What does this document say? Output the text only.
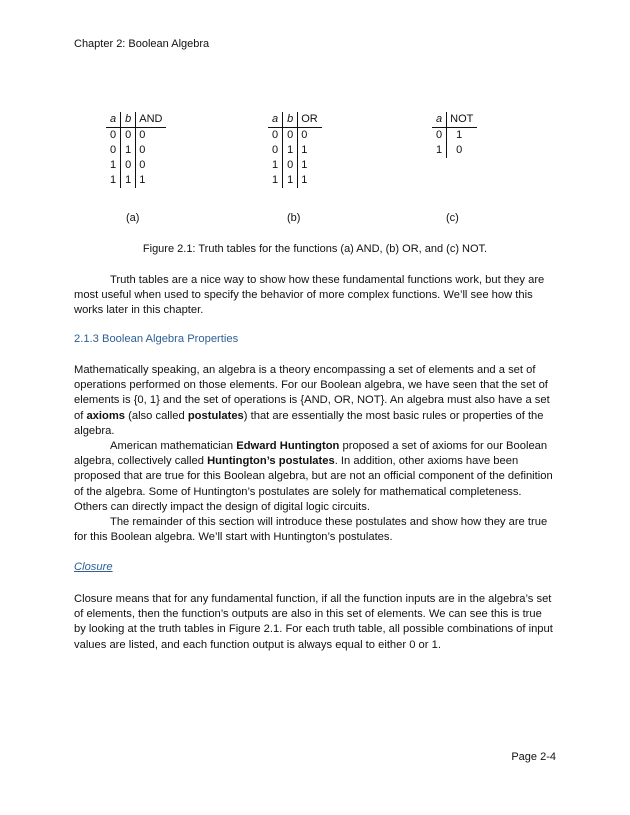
Chapter 2: Boolean Algebra
a	b	AND
0	0	0
0	1	0
1	0	0
1	1	1
a	b	OR
0	0	0
0	1	1
1	0	1
1	1	1
a	NOT
0	1
1	0
(a)	(b)	(c)
Figure 2.1: Truth tables for the functions (a) AND, (b) OR, and (c) NOT.

Truth tables are a nice way to show how these fundamental functions work, but they are most useful when used to specify the behavior of more complex functions. We’ll see how this works later in this chapter.

2.1.3 Boolean Algebra Properties

Mathematically speaking, an algebra is a theory encompassing a set of elements and a set of operations performed on those elements. For our Boolean algebra, we have seen that the set of elements is {0, 1} and the set of operations is {AND, OR, NOT}. An algebra must also have a set of axioms (also called postulates) that are essentially the most basic rules or properties of the algebra.

American mathematician Edward Huntington proposed a set of axioms for our Boolean algebra, collectively called Huntington’s postulates. In addition, other axioms have been proposed that are true for this Boolean algebra, but are not an official component of the definition of the algebra. Some of Huntington’s postulates are solely for mathematical completeness. Others can directly impact the design of digital logic circuits.

The remainder of this section will introduce these postulates and show how they are true for this Boolean algebra. We’ll start with Huntington’s postulates.

Closure

Closure means that for any fundamental function, if all the function inputs are in the algebra’s set of elements, then the function’s outputs are also in this set of elements. We can see this is true by looking at the truth tables in Figure 2.1. For each truth table, all possible combinations of input values are listed, and each function output is always equal to either 0 or 1.

Page 2-4
